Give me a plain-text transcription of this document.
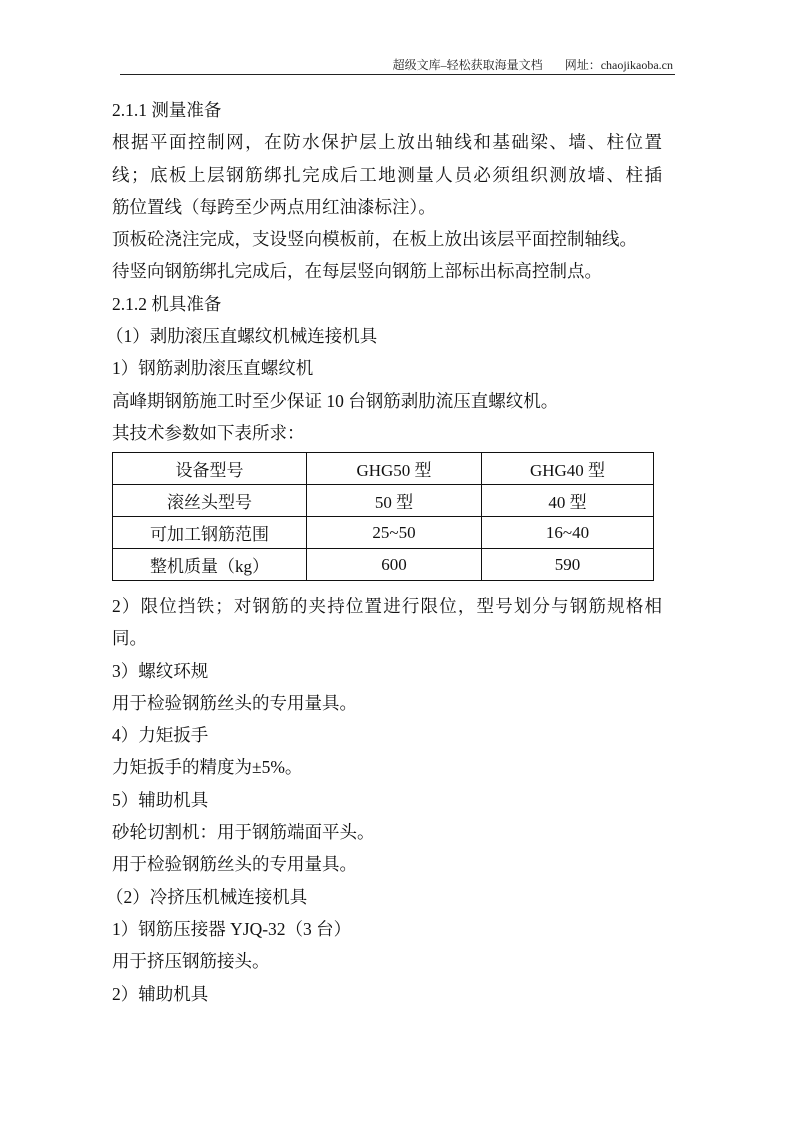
超级文库–轻松获取海量文档 网址：chaojikaoba.cn
2.1.1 测量准备
根据平面控制网，在防水保护层上放出轴线和基础梁、墙、柱位置
线；底板上层钢筋绑扎完成后工地测量人员必须组织测放墙、柱插
筋位置线（每跨至少两点用红油漆标注）。
顶板砼浇注完成，支设竖向模板前，在板上放出该层平面控制轴线。
待竖向钢筋绑扎完成后，在每层竖向钢筋上部标出标高控制点。
2.1.2 机具准备
（1）剥肋滚压直螺纹机械连接机具
1）钢筋剥肋滚压直螺纹机
高峰期钢筋施工时至少保证 10 台钢筋剥肋流压直螺纹机。
其技术参数如下表所求：
设备型号	GHG50 型	GHG40 型
滚丝头型号	50 型	40 型
可加工钢筋范围	25~50	16~40
整机质量（kg）	600	590
2）限位挡铁；对钢筋的夹持位置进行限位，型号划分与钢筋规格相
同。
3）螺纹环规
用于检验钢筋丝头的专用量具。
4）力矩扳手
力矩扳手的精度为±5%。
5）辅助机具
砂轮切割机：用于钢筋端面平头。
用于检验钢筋丝头的专用量具。
（2）冷挤压机械连接机具
1）钢筋压接器 YJQ-32（3 台）
用于挤压钢筋接头。
2）辅助机具
